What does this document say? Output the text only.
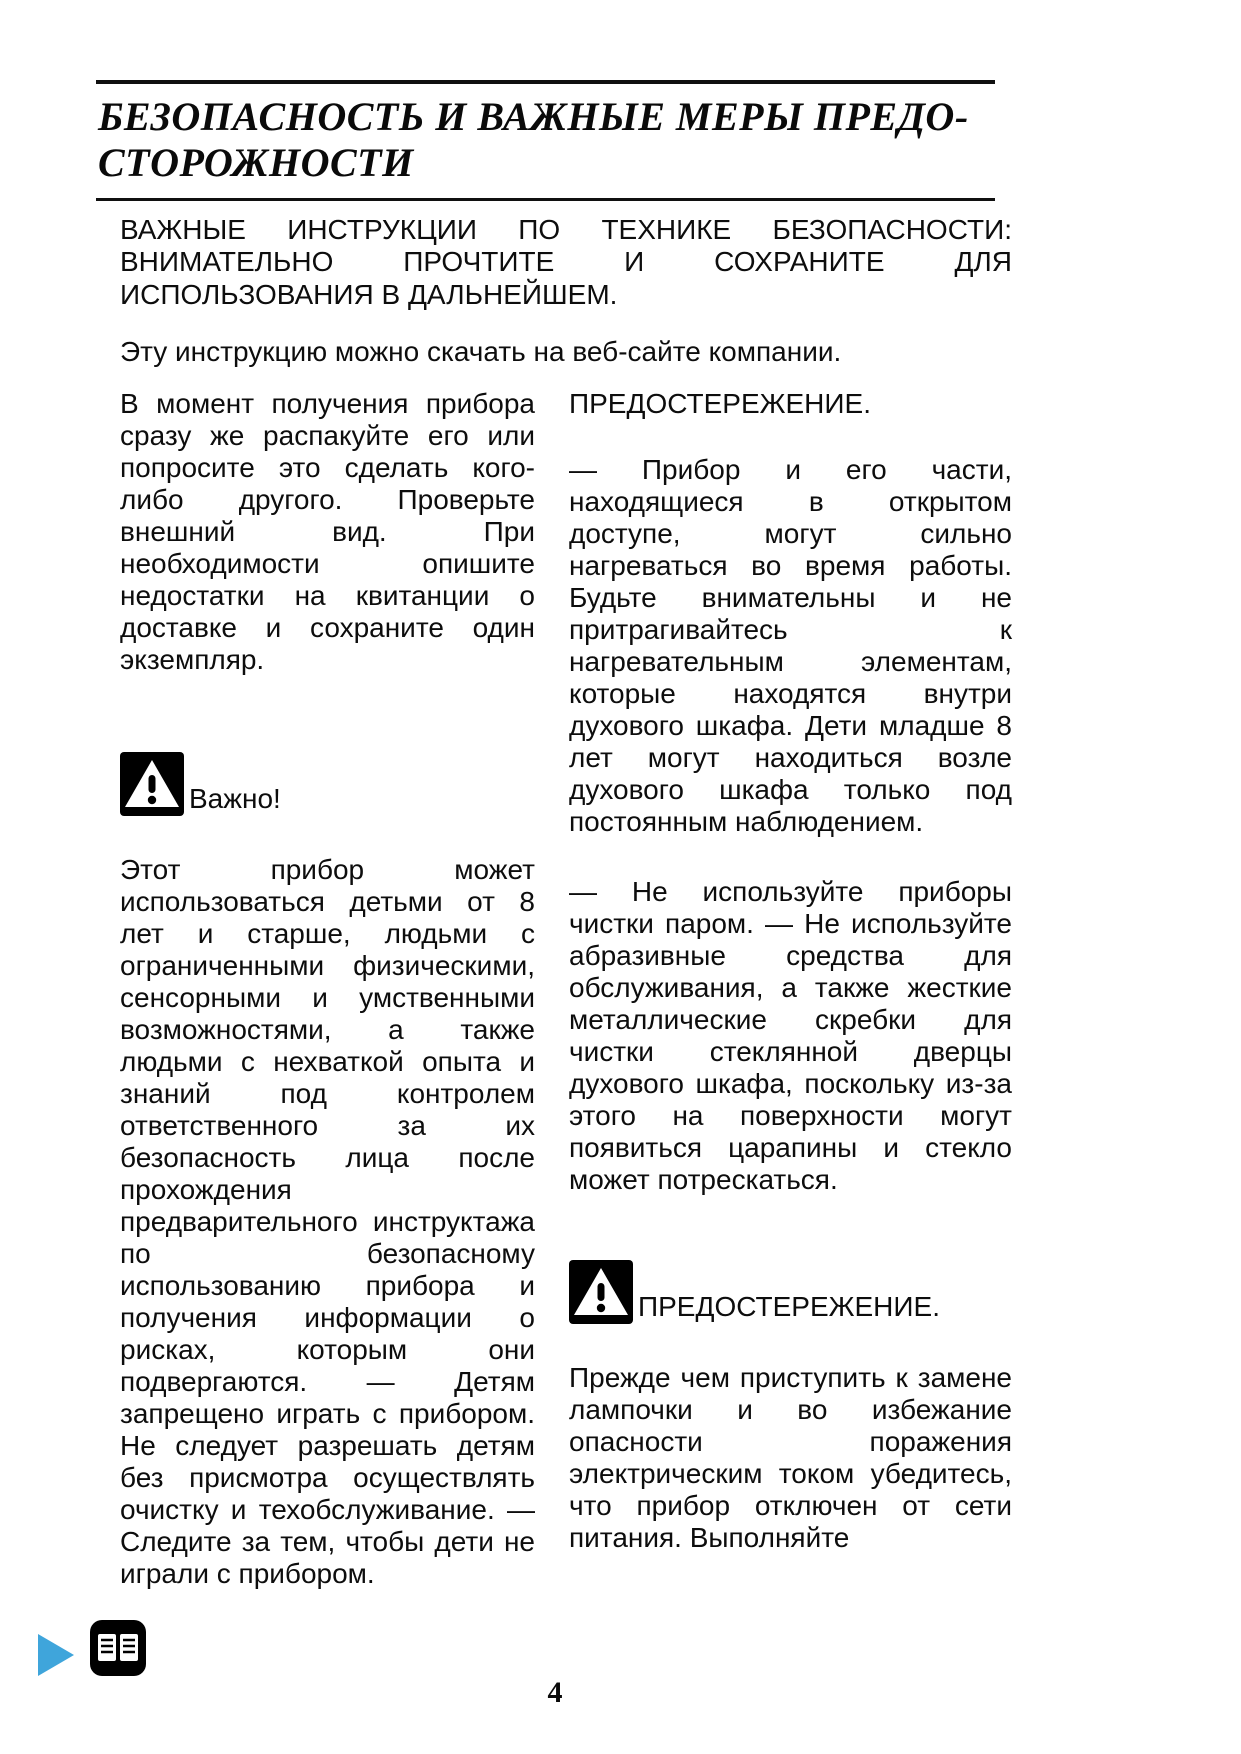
БЕЗОПАСНОСТЬ И ВАЖНЫЕ МЕРЫ ПРЕДО-
СТОРОЖНОСТИ

ВАЖНЫЕ ИНСТРУКЦИИ ПО ТЕХНИКЕ БЕЗОПАСНОСТИ: ВНИМАТЕЛЬНО ПРОЧТИТЕ И СОХРАНИТЕ ДЛЯ ИСПОЛЬЗОВАНИЯ В ДАЛЬНЕЙШЕМ.

Эту инструкцию можно скачать на веб-сайте компании.

В момент получения прибора сразу же распакуйте его или попросите это сделать кого-либо другого. Проверьте внешний вид. При необходимости опишите недостатки на квитанции о доставке и сохраните один экземпляр.

Важно!

Этот прибор может использоваться детьми от 8 лет и старше, людьми с ограниченными физическими, сенсорными и умственными возможностями, а также людьми с нехваткой опыта и знаний под контролем ответственного за их безопасность лица после прохождения предварительного инструктажа по безопасному использованию прибора и получения информации о рисках, которым они подвергаются. — Детям запрещено играть с прибором. Не следует разрешать детям без присмотра осуществлять очистку и техобслуживание. — Следите за тем, чтобы дети не играли с прибором.

ПРЕДОСТЕРЕЖЕНИЕ.

— Прибор и его части, находящиеся в открытом доступе, могут сильно нагреваться во время работы. Будьте внимательны и не притрагивайтесь к нагревательным элементам, которые находятся внутри духового шкафа. Дети младше 8 лет могут находиться возле духового шкафа только под постоянным наблюдением.

— Не используйте приборы чистки паром. — Не используйте абразивные средства для обслуживания, а также жесткие металлические скребки для чистки стеклянной дверцы духового шкафа, поскольку из-за этого на поверхности могут появиться царапины и стекло может потрескаться.

ПРЕДОСТЕРЕЖЕНИЕ.

Прежде чем приступить к замене лампочки и во избежание опасности поражения электрическим током убедитесь, что прибор отключен от сети питания. Выполняйте

4
